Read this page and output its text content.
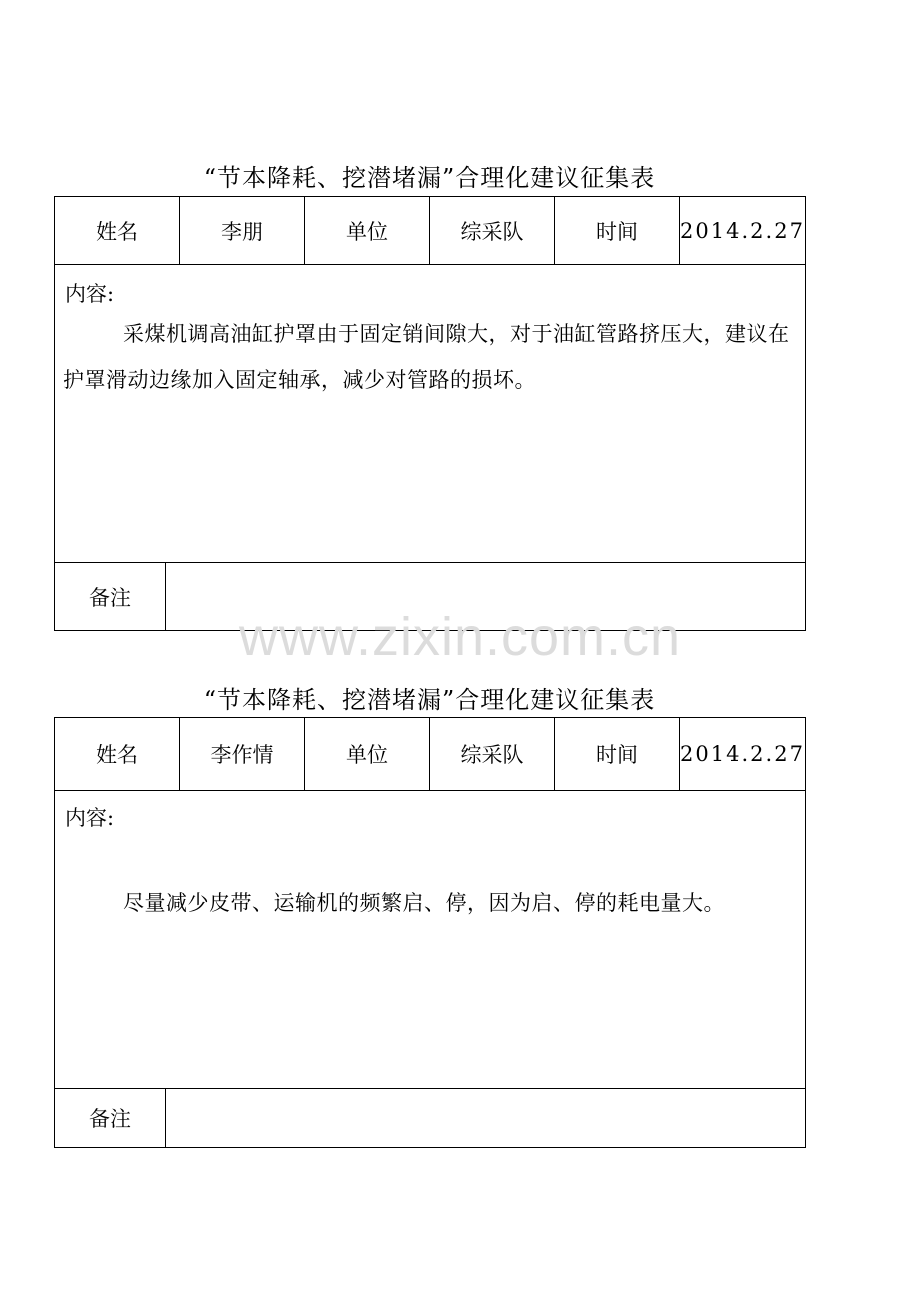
“节本降耗、挖潜堵漏”合理化建议征集表
姓名		李朋	单位	综采队	时间	2014.2.27

内容:
采煤机调高油缸护罩由于固定销间隙大，对于油缸管路挤压大，建议在护罩滑动边缘加入固定轴承，减少对管路的损坏。						

备注						
www.zixin.com.cn
“节本降耗、挖潜堵漏”合理化建议征集表
姓名		李作情	单位	综采队	时间	2014.2.27

内容:
尽量减少皮带、运输机的频繁启、停，因为启、停的耗电量大。						

备注						
